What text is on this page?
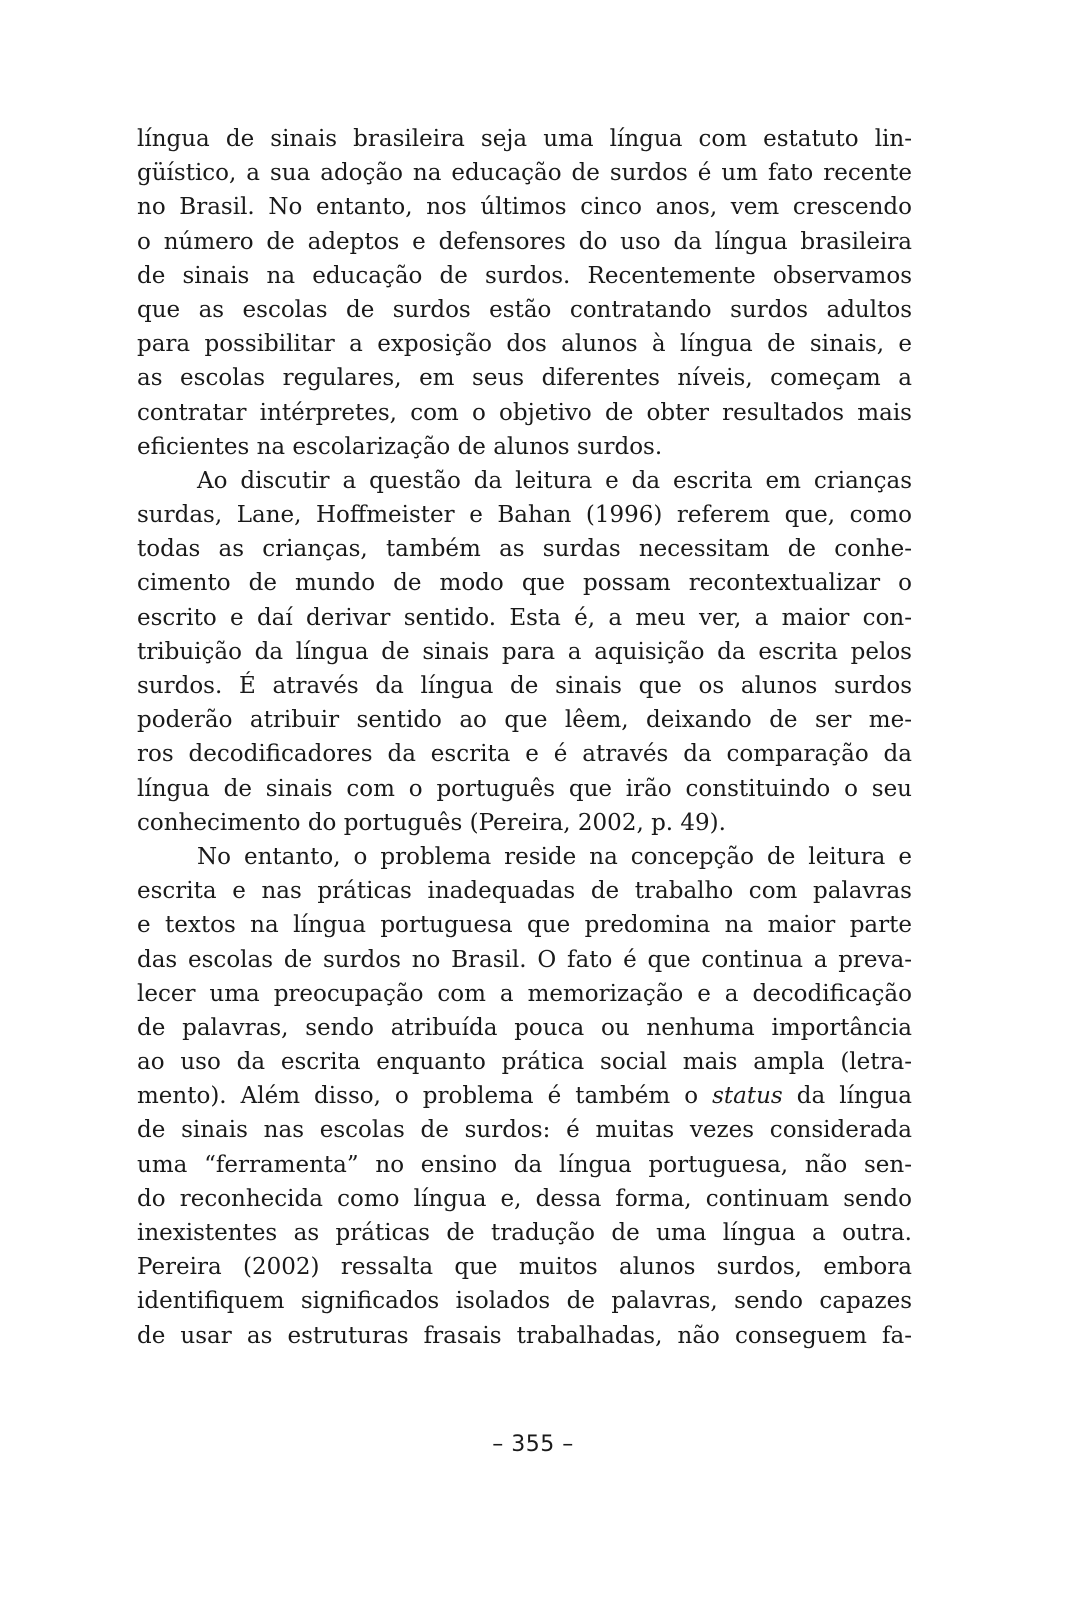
língua de sinais brasileira seja uma língua com estatuto lin-
güístico, a sua adoção na educação de surdos é um fato recente
no Brasil. No entanto, nos últimos cinco anos, vem crescendo
o número de adeptos e defensores do uso da língua brasileira
de sinais na educação de surdos. Recentemente observamos
que as escolas de surdos estão contratando surdos adultos
para possibilitar a exposição dos alunos à língua de sinais, e
as escolas regulares, em seus diferentes níveis, começam a
contratar intérpretes, com o objetivo de obter resultados mais
eficientes na escolarização de alunos surdos.
Ao discutir a questão da leitura e da escrita em crianças
surdas, Lane, Hoffmeister e Bahan (1996) referem que, como
todas as crianças, também as surdas necessitam de conhe-
cimento de mundo de modo que possam recontextualizar o
escrito e daí derivar sentido. Esta é, a meu ver, a maior con-
tribuição da língua de sinais para a aquisição da escrita pelos
surdos. É através da língua de sinais que os alunos surdos
poderão atribuir sentido ao que lêem, deixando de ser me-
ros decodificadores da escrita e é através da comparação da
língua de sinais com o português que irão constituindo o seu
conhecimento do português (Pereira, 2002, p. 49).
No entanto, o problema reside na concepção de leitura e
escrita e nas práticas inadequadas de trabalho com palavras
e textos na língua portuguesa que predomina na maior parte
das escolas de surdos no Brasil. O fato é que continua a preva-
lecer uma preocupação com a memorização e a decodificação
de palavras, sendo atribuída pouca ou nenhuma importância
ao uso da escrita enquanto prática social mais ampla (letra-
mento). Além disso, o problema é também o status da língua
de sinais nas escolas de surdos: é muitas vezes considerada
uma “ferramenta” no ensino da língua portuguesa, não sen-
do reconhecida como língua e, dessa forma, continuam sendo
inexistentes as práticas de tradução de uma língua a outra.
Pereira (2002) ressalta que muitos alunos surdos, embora
identifiquem significados isolados de palavras, sendo capazes
de usar as estruturas frasais trabalhadas, não conseguem fa-
– 355 –
